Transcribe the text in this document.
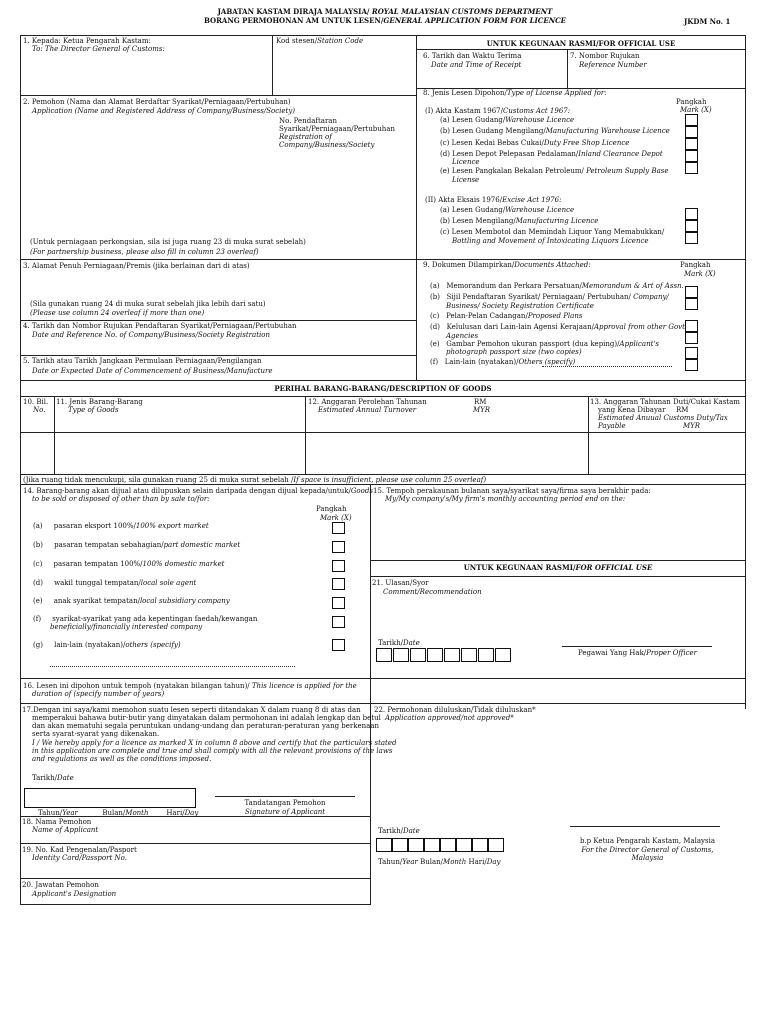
JABATAN KASTAM DIRAJA MALAYSIA/ ROYAL MALAYSIAN CUSTOMS DEPARTMENT
BORANG PERMOHONAN AM UNTUK LESEN/GENERAL APPLICATION FORM FOR LICENCE	JKDM No. 1
1. Kepada: Ketua Pengarah Kastam:
To: The Director General of Customs:
Kod stesen/Station Code	UNTUK KEGUNAAN RASMI/FOR OFFICIAL USE
6. Tarikh dan Waktu Terima
Date and Time of Receipt
7. Nombor Rujukan
Reference Number
2. Pemohon (Nama dan Alamat Berdaftar Syarikat/Perniagaan/Pertubuhan)
Application (Name and Registered Address of Company/Business/Society)
No. Pendaftaran
Syarikat/Perniagaan/Pertubuhan
Registration of
Company/Business/Society
(Untuk perniagaan perkongsian, sila isi juga ruang 23 di muka surat sebelah)
(For partnership business, please also fill in column 23 overleaf)
8. Jenis Lesen Dipohon/Type of License Applied for:
Pangkah
Mark (X)
(I) Akta Kastam 1967/Customs Act 1967:
(a) Lesen Gudang/Warehouse Licence
(b) Lesen Gudang Mengilang/Manufacturing Warehouse Licence
(c) Lesen Kedai Bebas Cukai/Duty Free Shop Licence
(d) Lesen Depot Pelepasan Pedalaman/Inland Clearance Depot
Licence
(e) Lesen Pangkalan Bekalan Petroleum/ Petroleum Supply Base
License
(II) Akta Eksais 1976/Excise Act 1976:
(a) Lesen Gudang/Warehouse Licence
(b) Lesen Mengilang/Manufacturing Licence
(c) Lesen Membotol dan Memindah Liquor Yang Memabukkan/
Bottling and Movement of Intoxicating Liquors Licence
3. Alamat Penuh Perniagaan/Premis (jika berlainan dari di atas)
(Sila gunakan ruang 24 di muka surat sebelah jika lebih dari satu)
(Please use column 24 overleaf if more than one)
4. Tarikh dan Nombor Rujukan Pendaftaran Syarikat/Perniagaan/Pertubuhan
Date and Reference No. of Company/Business/Society Registration
5. Tarikh atau Tarikh Jangkaan Permulaan Perniagaan/Pengilangan
Date or Expected Date of Commencement of Business/Manufacture
9. Dokumen Dilampirkan/Documents Attached:	Pangkah
Mark (X)
(a) Memorandum dan Perkara Persatuan/Memorandum & Art of Assn.
(b) Sijil Pendaftaran Syarikat/ Perniagaan/ Pertubuhan/ Company/
Business/ Society Registration Certificate
(c) Pelan-Pelan Cadangan/Proposed Plans
(d) Kelulusan dari Lain-lain Agensi Kerajaan/Approval from other Govt
Agencies
(e) Gambar Pemohon ukuran passport (dua keping)/Applicant's
photograph passport size (two copies)
(f) Lain-lain (nyatakan)/Others (specify)
PERIHAL BARANG-BARANG/DESCRIPTION OF GOODS
10. Bil.
No.
11. Jenis Barang-Barang
Type of Goods
12. Anggaran Perolehan Tahunan	RM
Estimated Annual Turnover	MYR
13. Anggaran Tahunan Duti/Cukai Kastam
yang Kena Dibayar RM
Estimated Anuual Customs Duty/Tax
Payable	MYR
(Jika ruang tidak mencukupi, sila gunakan ruang 25 di muka surat sebelah /If space is insufficient, please use column 25 overleaf)
14. Barang-barang akan dijual atau dilupuskan selain daripada dengan dijual kepada/untuk/Goods
to be sold or disposed of other than by sale to/for:
Pangkah
Mark (X)
(a) pasaran eksport 100%/100% export market
(b) pasaran tempatan sebahagian/part domestic market
(c) pasaran tempatan 100%/100% domestic market
(d) wakil tunggal tempatan/local sole agent
(e) anak syarikat tempatan/local subsidiary company
(f) syarikat-syarikat yang ada kepentingan faedah/kewangan
beneficially/financially interested company
(g) lain-lain (nyatakan)/others (specify)
15. Tempoh perakaunan bulanan saya/syarikat saya/firma saya berakhir pada:
My/My company's/My firm's monthly accounting period end on the:
UNTUK KEGUNAAN RASMI/FOR OFFICIAL USE
21. Ulasan/Syor
Comment/Recommendation
Tarikh/Date
Pegawai Yang Hak/Proper Officer
16. Lesen ini dipohon untuk tempoh (nyatakan bilangan tahun)/ This licence is applied for the
duration of (specify number of years)
17.Dengan ini saya/kami memohon suatu lesen seperti ditandakan X dalam ruang 8 di atas dan
memperakui bahawa butir-butir yang dinyatakan dalam permohonan ini adalah lengkap dan betul
dan akan mematuhi segala peruntukan undang-undang dan peraturan-peraturan yang berkenaan
serta syarat-syarat yang dikenakan.
I / We hereby apply for a licence as marked X in column 8 above and certify that the particulars stated
in this application are complete and true and shall comply with all the relevant provisions of the laws
and regulations as well as the conditions imposed.
Tarikh/Date
Tahun/Year	Bulan/Month	Hari/Day
Tandatangan Pemohon
Signature of Applicant
22. Permohonan diluluskan/Tidak diluluskan*
Application approved/not approved*
Tarikh/Date
Tahun/Year Bulan/Month Hari/Day
b.p Ketua Pengarah Kastam, Malaysia
For the Director General of Customs,
Malaysia
18. Nama Pemohon
Name of Applicant
19. No. Kad Pengenalan/Pasport
Identity Card/Passport No.
20. Jawatan Pemohon
Applicant's Designation
